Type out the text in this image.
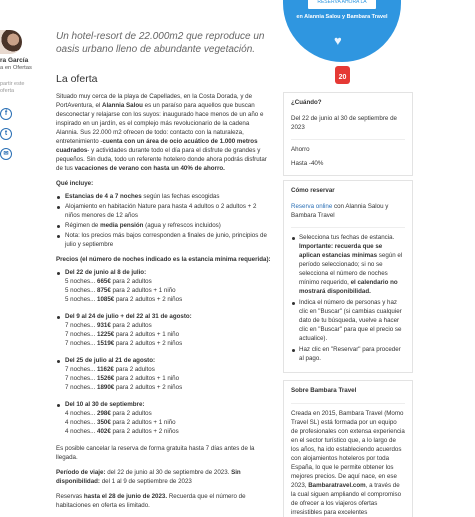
RESERVA AHORA LA
en Alannia Salou y Bambara Travel
♥
20
ra García
a en Ofertas
partir este
oferta
f
t
✉
Un hotel-resort de 22.000m2 que reproduce un oasis urbano lleno de abundante vegetación.
La oferta

Situado muy cerca de la playa de Capellades, en la Costa Dorada, y de PortAventura, el Alannia Salou es un paraíso para aquellos que buscan desconectar y relajarse con los suyos: inaugurado hace menos de un año e inspirado en un jardín, es el complejo más revolucionario de la cadena Alannia. Sus 22.000 m2 ofrecen de todo: contacto con la naturaleza, entretenimiento -cuenta con un área de ocio acuático de 1.000 metros cuadrados- y actividades durante todo el día para el disfrute de grandes y pequeños. Sin duda, todo un referente hotelero donde ahora podrás disfrutar de tus vacaciones de verano con hasta un 40% de ahorro.

Qué incluye:
Estancias de 4 a 7 noches según las fechas escogidas
Alojamiento en habitación Nature para hasta 4 adultos o 2 adultos + 2 niños menores de 12 años
Régimen de media pensión (agua y refrescos incluidos)
Nota: los precios más bajos corresponden a finales de junio, principios de julio y septiembre
Precios (el número de noches indicado es la estancia mínima requerida):
Del 22 de junio al 8 de julio:
5 noches... 665€ para 2 adultos
5 noches... 875€ para 2 adultos + 1 niño
5 noches... 1085€ para 2 adultos + 2 niños
Del 9 al 24 de julio + del 22 al 31 de agosto:
7 noches... 931€ para 2 adultos
7 noches... 1225€ para 2 adultos + 1 niño
7 noches... 1519€ para 2 adultos + 2 niños
Del 25 de julio al 21 de agosto:
7 noches... 1162€ para 2 adultos
7 noches... 1526€ para 2 adultos + 1 niño
7 noches... 1890€ para 2 adultos + 2 niños
Del 10 al 30 de septiembre:
4 noches... 298€ para 2 adultos
4 noches... 350€ para 2 adultos + 1 niño
4 noches... 402€ para 2 adultos + 2 niños

Es posible cancelar la reserva de forma gratuita hasta 7 días antes de la llegada.

Período de viaje: del 22 de junio al 30 de septiembre de 2023. Sin disponibilidad: del 1 al 9 de septiembre de 2023

Reservas hasta el 28 de junio de 2023. Recuerda que el número de habitaciones en oferta es limitado.

¿Cuándo?
Del 22 de junio al 30 de septiembre de 2023
Ahorro
Hasta -40%
Cómo reservar

Reserva online con Alannia Salou y Bambara Travel

Selecciona tus fechas de estancia. Importante: recuerda que se aplican estancias mínimas según el período seleccionado; si no se selecciona el número de noches mínimo requerido, el calendario no mostrará disponibilidad.
Indica el número de personas y haz clic en "Buscar" (si cambias cualquier dato de tu búsqueda, vuelve a hacer clic en "Buscar" para que el precio se actualice).
Haz clic en "Reservar" para proceder al pago.
Sobre Bambara Travel

Creada en 2015, Bambara Travel (Momo Travel SL) está formada por un equipo de profesionales con extensa experiencia en el sector turístico que, a lo largo de los años, ha ido estableciendo acuerdos con alojamientos hoteleros por toda España, lo que le permite obtener los mejores precios. De aquí nace, en ese 2023, Bambaratravel.com, a través de la cual siguen ampliando el compromiso de ofrecer a los viajeros ofertas irresistibles para excelentes
